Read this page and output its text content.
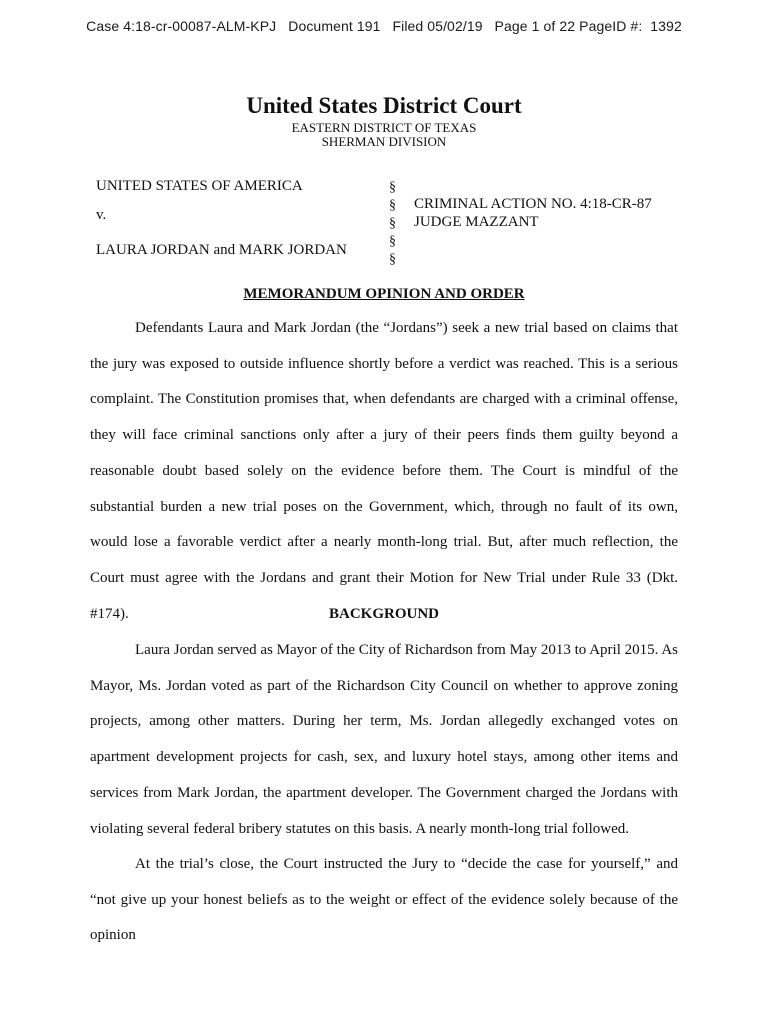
Case 4:18-cr-00087-ALM-KPJ   Document 191   Filed 05/02/19   Page 1 of 22 PageID #:  1392
United States District Court
EASTERN DISTRICT OF TEXAS
SHERMAN DIVISION
UNITED STATES OF AMERICA
v.
LAURA JORDAN and MARK JORDAN
§
§
§
§
§
CRIMINAL ACTION NO. 4:18-CR-87
JUDGE MAZZANT
MEMORANDUM OPINION AND ORDER

Defendants Laura and Mark Jordan (the “Jordans”) seek a new trial based on claims that the jury was exposed to outside influence shortly before a verdict was reached. This is a serious complaint. The Constitution promises that, when defendants are charged with a criminal offense, they will face criminal sanctions only after a jury of their peers finds them guilty beyond a reasonable doubt based solely on the evidence before them. The Court is mindful of the substantial burden a new trial poses on the Government, which, through no fault of its own, would lose a favorable verdict after a nearly month-long trial. But, after much reflection, the Court must agree with the Jordans and grant their Motion for New Trial under Rule 33 (Dkt. #174).	BACKGROUND

Laura Jordan served as Mayor of the City of Richardson from May 2013 to April 2015. As Mayor, Ms. Jordan voted as part of the Richardson City Council on whether to approve zoning projects, among other matters. During her term, Ms. Jordan allegedly exchanged votes on apartment development projects for cash, sex, and luxury hotel stays, among other items and services from Mark Jordan, the apartment developer. The Government charged the Jordans with violating several federal bribery statutes on this basis. A nearly month-long trial followed.

At the trial’s close, the Court instructed the Jury to “decide the case for yourself,” and “not give up your honest beliefs as to the weight or effect of the evidence solely because of the opinion
